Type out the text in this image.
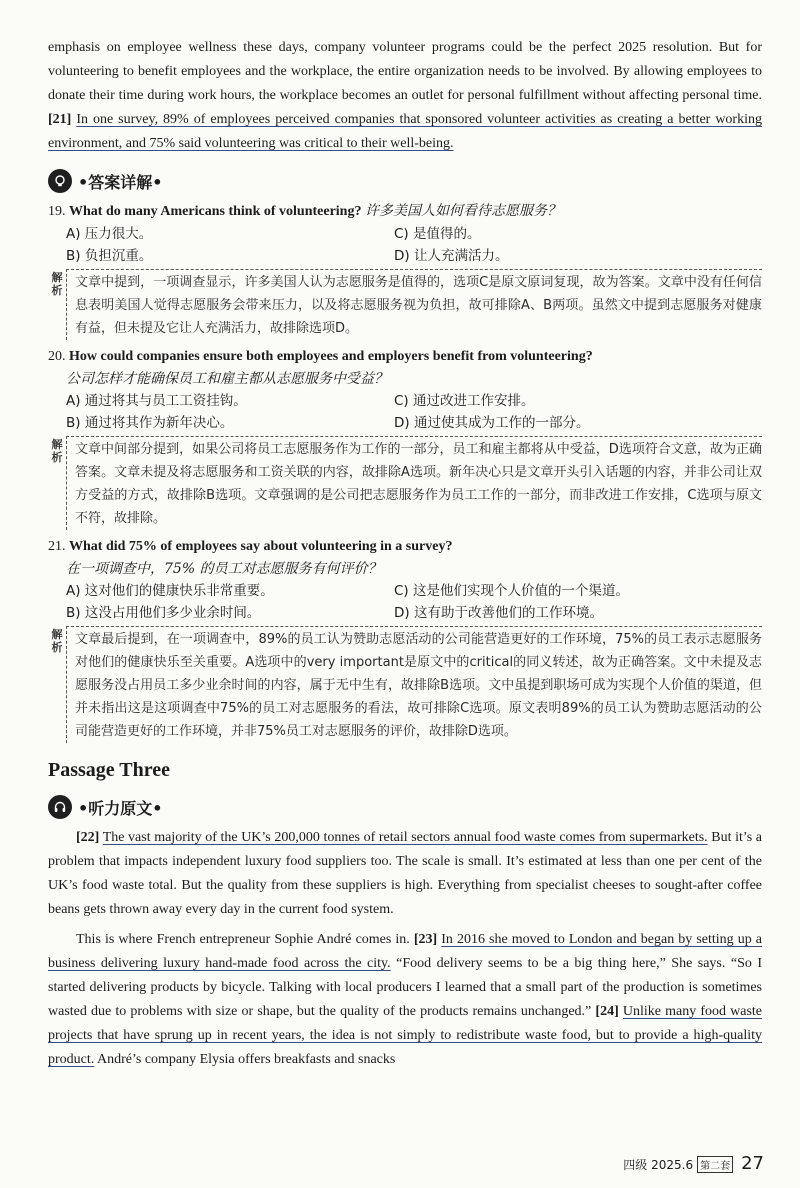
emphasis on employee wellness these days, company volunteer programs could be the perfect 2025 resolution. But for volunteering to benefit employees and the workplace, the entire organization needs to be involved. By allowing employees to donate their time during work hours, the workplace becomes an outlet for personal fulfillment without affecting personal time. [21] In one survey, 89% of employees perceived companies that sponsored volunteer activities as creating a better working environment, and 75% said volunteering was critical to their well-being.

•答案详解•

19. What do many Americans think of volunteering? 许多美国人如何看待志愿服务？

A) 压力很大。	C) 是值得的。
B) 负担沉重。	D) 让人充满活力。
解析
文章中提到，一项调查显示，许多美国人认为志愿服务是值得的，选项C是原文原词复现，故为答案。文章中没有任何信息表明美国人觉得志愿服务会带来压力，以及将志愿服务视为负担，故可排除A、B两项。虽然文中提到志愿服务对健康有益，但未提及它让人充满活力，故排除选项D。

20. How could companies ensure both employees and employers benefit from volunteering?

公司怎样才能确保员工和雇主都从志愿服务中受益？

A) 通过将其与员工工资挂钩。	C) 通过改进工作安排。
B) 通过将其作为新年决心。	D) 通过使其成为工作的一部分。
解析
文章中间部分提到，如果公司将员工志愿服务作为工作的一部分，员工和雇主都将从中受益，D选项符合文意，故为正确答案。文章未提及将志愿服务和工资关联的内容，故排除A选项。新年决心只是文章开头引入话题的内容，并非公司让双方受益的方式，故排除B选项。文章强调的是公司把志愿服务作为员工工作的一部分，而非改进工作安排，C选项与原文不符，故排除。

21. What did 75% of employees say about volunteering in a survey?

在一项调查中，75% 的员工对志愿服务有何评价？

A) 这对他们的健康快乐非常重要。	C) 这是他们实现个人价值的一个渠道。
B) 这没占用他们多少业余时间。	D) 这有助于改善他们的工作环境。
解析
文章最后提到，在一项调查中，89%的员工认为赞助志愿活动的公司能营造更好的工作环境，75%的员工表示志愿服务对他们的健康快乐至关重要。A选项中的very important是原文中的critical的同义转述，故为正确答案。文中未提及志愿服务没占用员工多少业余时间的内容，属于无中生有，故排除B选项。文中虽提到职场可成为实现个人价值的渠道，但并未指出这是这项调查中75%的员工对志愿服务的看法，故可排除C选项。原文表明89%的员工认为赞助志愿活动的公司能营造更好的工作环境，并非75%员工对志愿服务的评价，故排除D选项。
Passage Three
•听力原文•

[22] The vast majority of the UK’s 200,000 tonnes of retail sectors annual food waste comes from supermarkets. But it’s a problem that impacts independent luxury food suppliers too. The scale is small. It’s estimated at less than one per cent of the UK’s food waste total. But the quality from these suppliers is high. Everything from specialist cheeses to sought-after coffee beans gets thrown away every day in the current food system.

This is where French entrepreneur Sophie André comes in. [23] In 2016 she moved to London and began by setting up a business delivering luxury hand-made food across the city. “Food delivery seems to be a big thing here,” She says. “So I started delivering products by bicycle. Talking with local producers I learned that a small part of the production is sometimes wasted due to problems with size or shape, but the quality of the products remains unchanged.” [24] Unlike many food waste projects that have sprung up in recent years, the idea is not simply to redistribute waste food, but to provide a high-quality product. André’s company Elysia offers breakfasts and snacks

四级 2025.6 第二套 27
